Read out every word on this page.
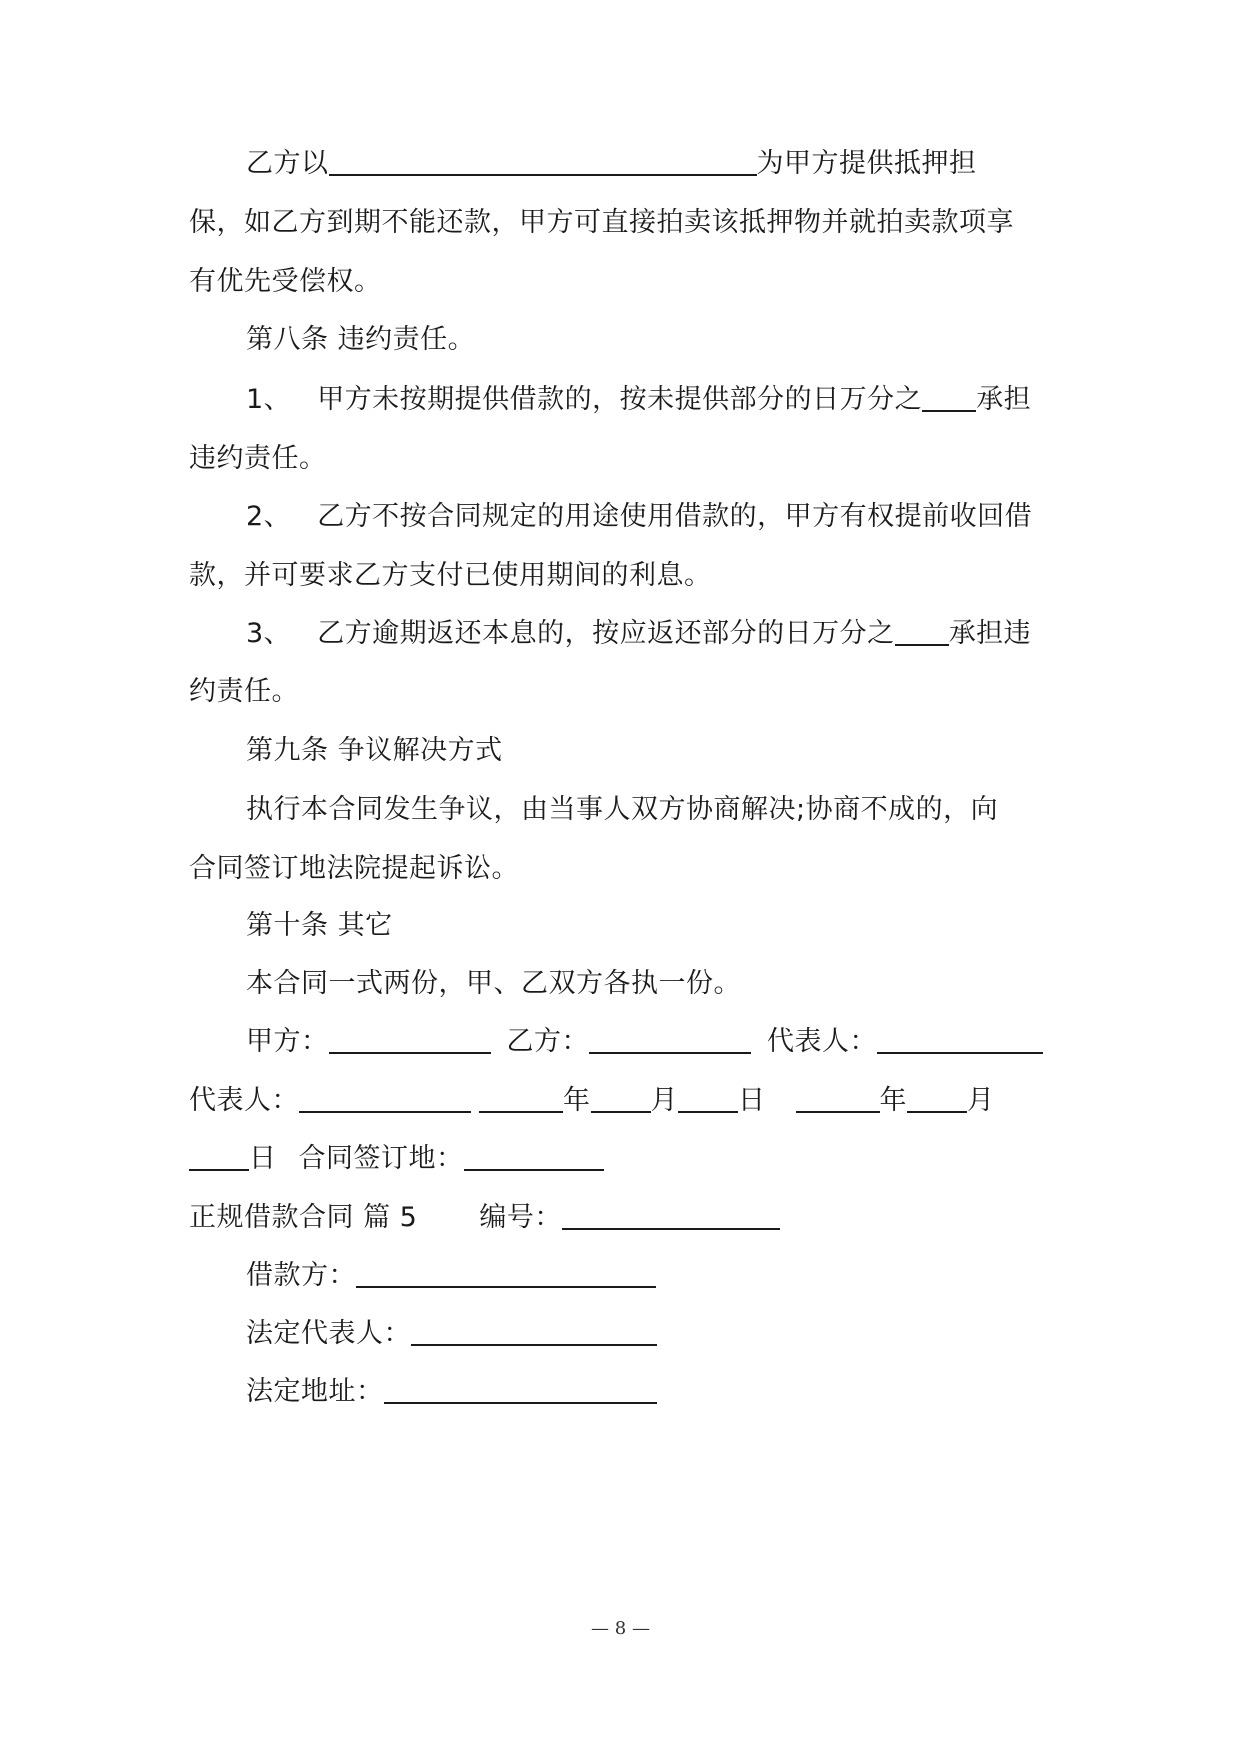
乙方以	为甲方提供抵押担
保，如乙方到期不能还款，甲方可直接拍卖该抵押物并就拍卖款项享
有优先受偿权。
第八条 违约责任。
1、 甲方未按期提供借款的，按未提供部分的日万分之 承担
违约责任。
2、 乙方不按合同规定的用途使用借款的，甲方有权提前收回借
款，并可要求乙方支付已使用期间的利息。
3、 乙方逾期返还本息的，按应返还部分的日万分之 承担违
约责任。
第九条 争议解决方式
执行本合同发生争议，由当事人双方协商解决;协商不成的，向
合同签订地法院提起诉讼。
第十条 其它
本合同一式两份，甲、乙双方各执一份。
甲方：	乙方：	代表人：
代表人：	年 月 日	年 月
日 合同签订地：
正规借款合同 篇 5 编号：
借款方：
法定代表人：
法定地址：
— 8 —
